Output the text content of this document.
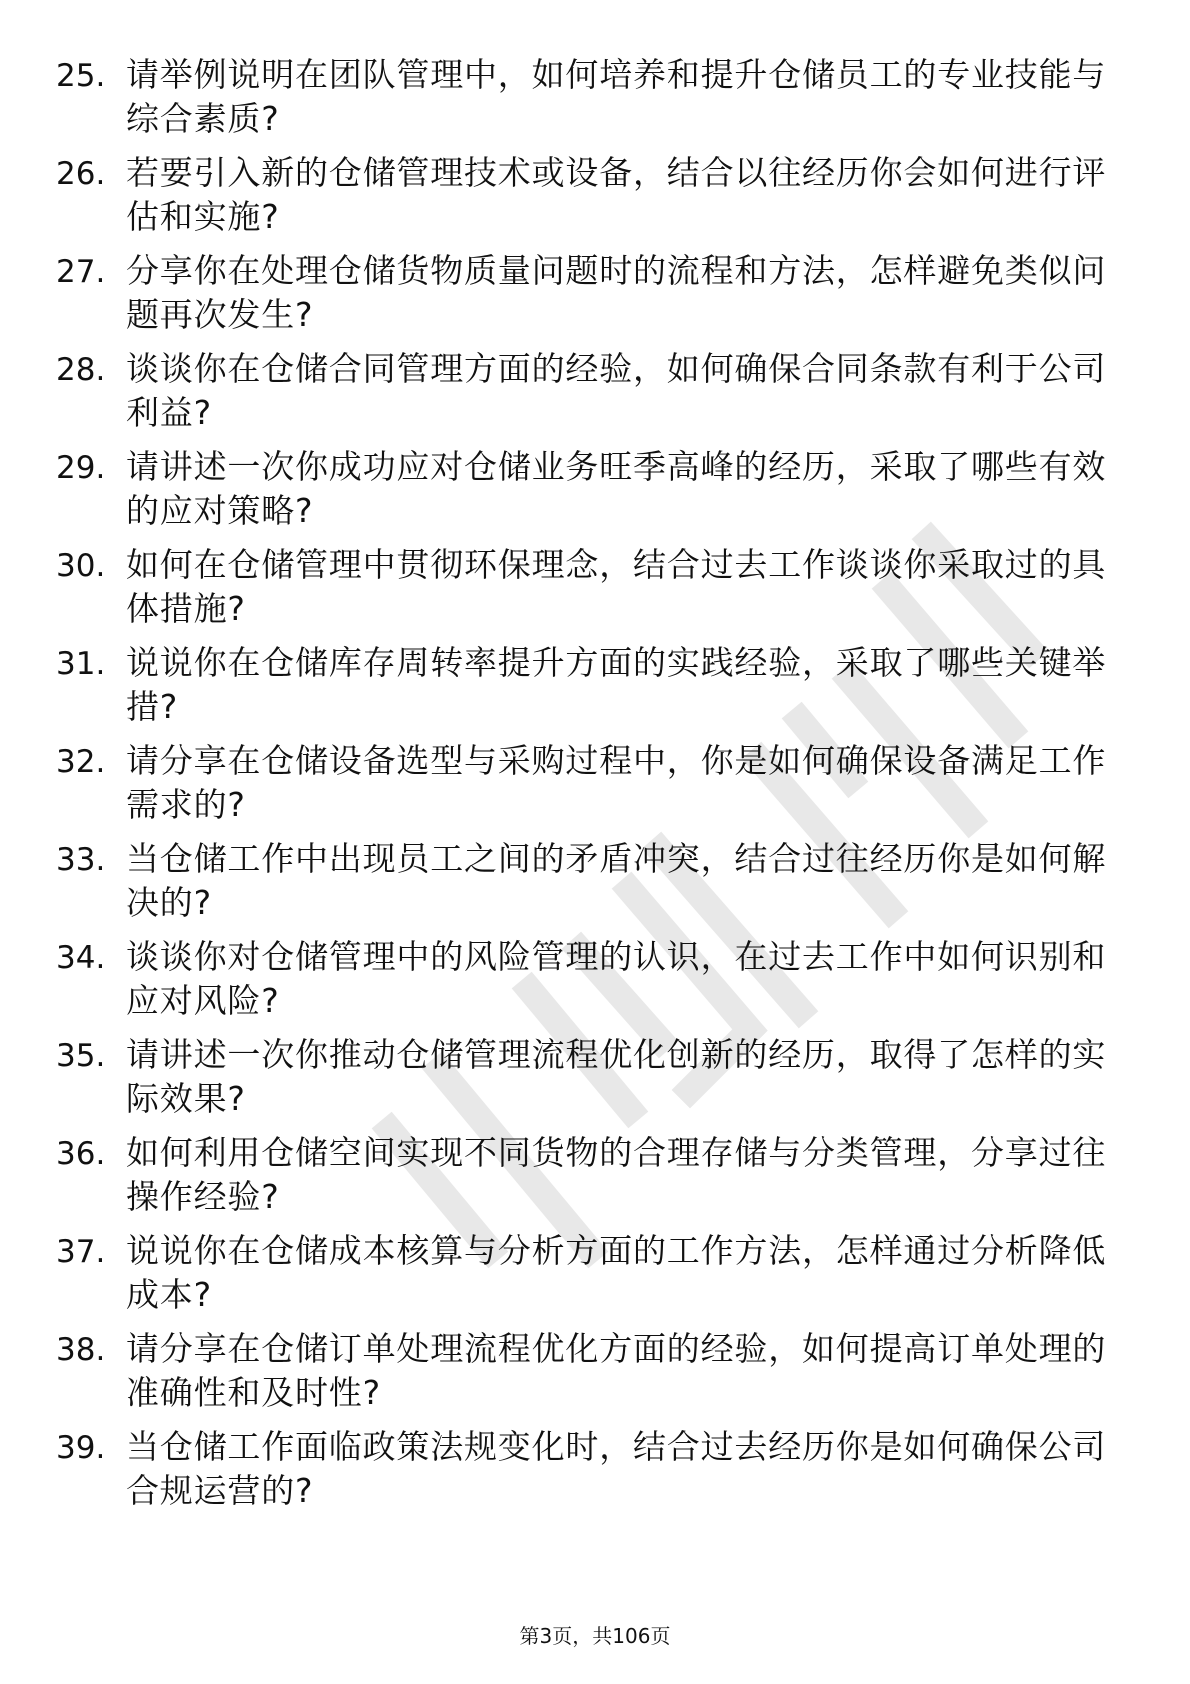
25. 请举例说明在团队管理中，如何培养和提升仓储员工的专业技能与综合素质?
26. 若要引入新的仓储管理技术或设备，结合以往经历你会如何进行评估和实施?
27. 分享你在处理仓储货物质量问题时的流程和方法，怎样避免类似问题再次发生?
28. 谈谈你在仓储合同管理方面的经验，如何确保合同条款有利于公司利益?
29. 请讲述一次你成功应对仓储业务旺季高峰的经历，采取了哪些有效的应对策略?
30. 如何在仓储管理中贯彻环保理念，结合过去工作谈谈你采取过的具体措施?
31. 说说你在仓储库存周转率提升方面的实践经验，采取了哪些关键举措?
32. 请分享在仓储设备选型与采购过程中，你是如何确保设备满足工作需求的?
33. 当仓储工作中出现员工之间的矛盾冲突，结合过往经历你是如何解决的?
34. 谈谈你对仓储管理中的风险管理的认识，在过去工作中如何识别和应对风险?
35. 请讲述一次你推动仓储管理流程优化创新的经历，取得了怎样的实际效果?
36. 如何利用仓储空间实现不同货物的合理存储与分类管理，分享过往操作经验?
37. 说说你在仓储成本核算与分析方面的工作方法，怎样通过分析降低成本?
38. 请分享在仓储订单处理流程优化方面的经验，如何提高订单处理的准确性和及时性?
39. 当仓储工作面临政策法规变化时，结合过去经历你是如何确保公司合规运营的?
第3页，共106页
